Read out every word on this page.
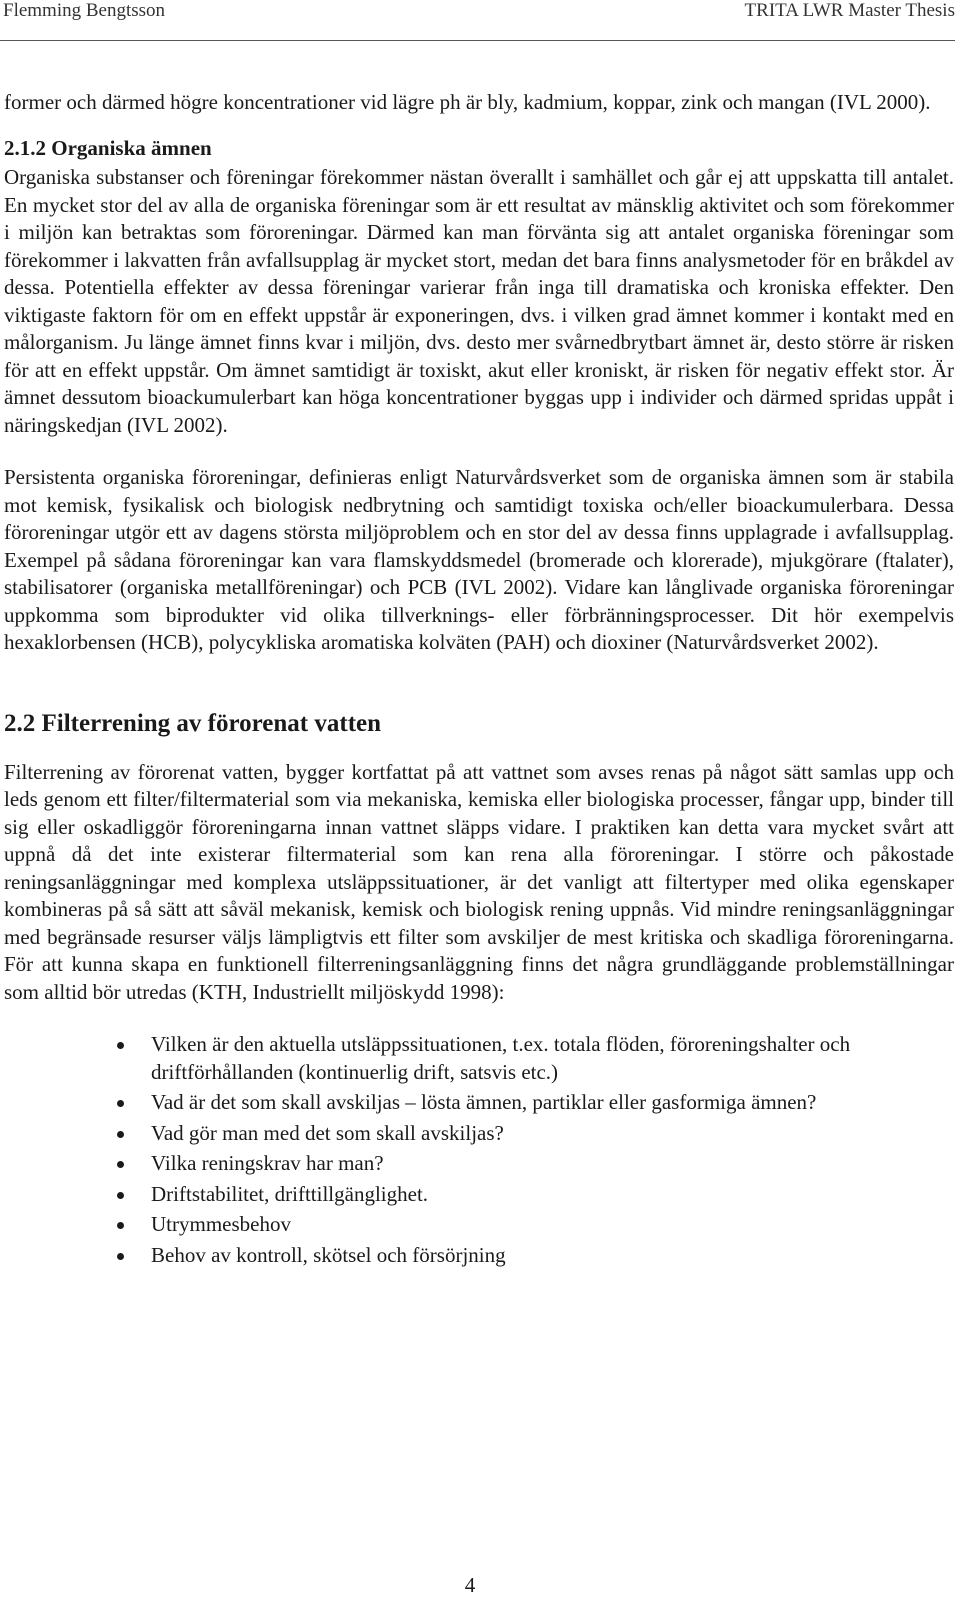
Flemming Bengtsson	TRITA LWR Master Thesis

former och därmed högre koncentrationer vid lägre ph är bly, kadmium, koppar, zink och mangan (IVL 2000).

2.1.2 Organiska ämnen

Organiska substanser och föreningar förekommer nästan överallt i samhället och går ej att uppskatta till antalet. En mycket stor del av alla de organiska föreningar som är ett resultat av mänsklig aktivitet och som förekommer i miljön kan betraktas som föroreningar. Därmed kan man förvänta sig att antalet organiska föreningar som förekommer i lakvatten från avfallsupplag är mycket stort, medan det bara finns analysmetoder för en bråkdel av dessa. Potentiella effekter av dessa föreningar varierar från inga till dramatiska och kroniska effekter. Den viktigaste faktorn för om en effekt uppstår är exponeringen, dvs. i vilken grad ämnet kommer i kontakt med en målorganism. Ju länge ämnet finns kvar i miljön, dvs. desto mer svårnedbrytbart ämnet är, desto större är risken för att en effekt uppstår. Om ämnet samtidigt är toxiskt, akut eller kroniskt, är risken för negativ effekt stor. Är ämnet dessutom bioackumulerbart kan höga koncentrationer byggas upp i individer och därmed spridas uppåt i näringskedjan (IVL 2002).

Persistenta organiska föroreningar, definieras enligt Naturvårdsverket som de organiska ämnen som är stabila mot kemisk, fysikalisk och biologisk nedbrytning och samtidigt toxiska och/eller bioackumulerbara. Dessa föroreningar utgör ett av dagens största miljöproblem och en stor del av dessa finns upplagrade i avfallsupplag. Exempel på sådana föroreningar kan vara flamskyddsmedel (bromerade och klorerade), mjukgörare (ftalater), stabilisatorer (organiska metallföreningar) och PCB (IVL 2002). Vidare kan långlivade organiska föroreningar uppkomma som biprodukter vid olika tillverknings- eller förbränningsprocesser. Dit hör exempelvis hexaklorbensen (HCB), polycykliska aromatiska kolväten (PAH) och dioxiner (Naturvårdsverket 2002).

2.2 Filterrening av förorenat vatten

Filterrening av förorenat vatten, bygger kortfattat på att vattnet som avses renas på något sätt samlas upp och leds genom ett filter/filtermaterial som via mekaniska, kemiska eller biologiska processer, fångar upp, binder till sig eller oskadliggör föroreningarna innan vattnet släpps vidare. I praktiken kan detta vara mycket svårt att uppnå då det inte existerar filtermaterial som kan rena alla föroreningar. I större och påkostade reningsanläggningar med komplexa utsläppssituationer, är det vanligt att filtertyper med olika egenskaper kombineras på så sätt att såväl mekanisk, kemisk och biologisk rening uppnås. Vid mindre reningsanläggningar med begränsade resurser väljs lämpligtvis ett filter som avskiljer de mest kritiska och skadliga föroreningarna. För att kunna skapa en funktionell filterreningsanläggning finns det några grundläggande problemställningar som alltid bör utredas (KTH, Industriellt miljöskydd 1998):

Vilken är den aktuella utsläppssituationen, t.ex. totala flöden, föroreningshalter och driftförhållanden (kontinuerlig drift, satsvis etc.)
Vad är det som skall avskiljas – lösta ämnen, partiklar eller gasformiga ämnen?
Vad gör man med det som skall avskiljas?
Vilka reningskrav har man?
Driftstabilitet, drifttillgänglighet.
Utrymmesbehov
Behov av kontroll, skötsel och försörjning
4
